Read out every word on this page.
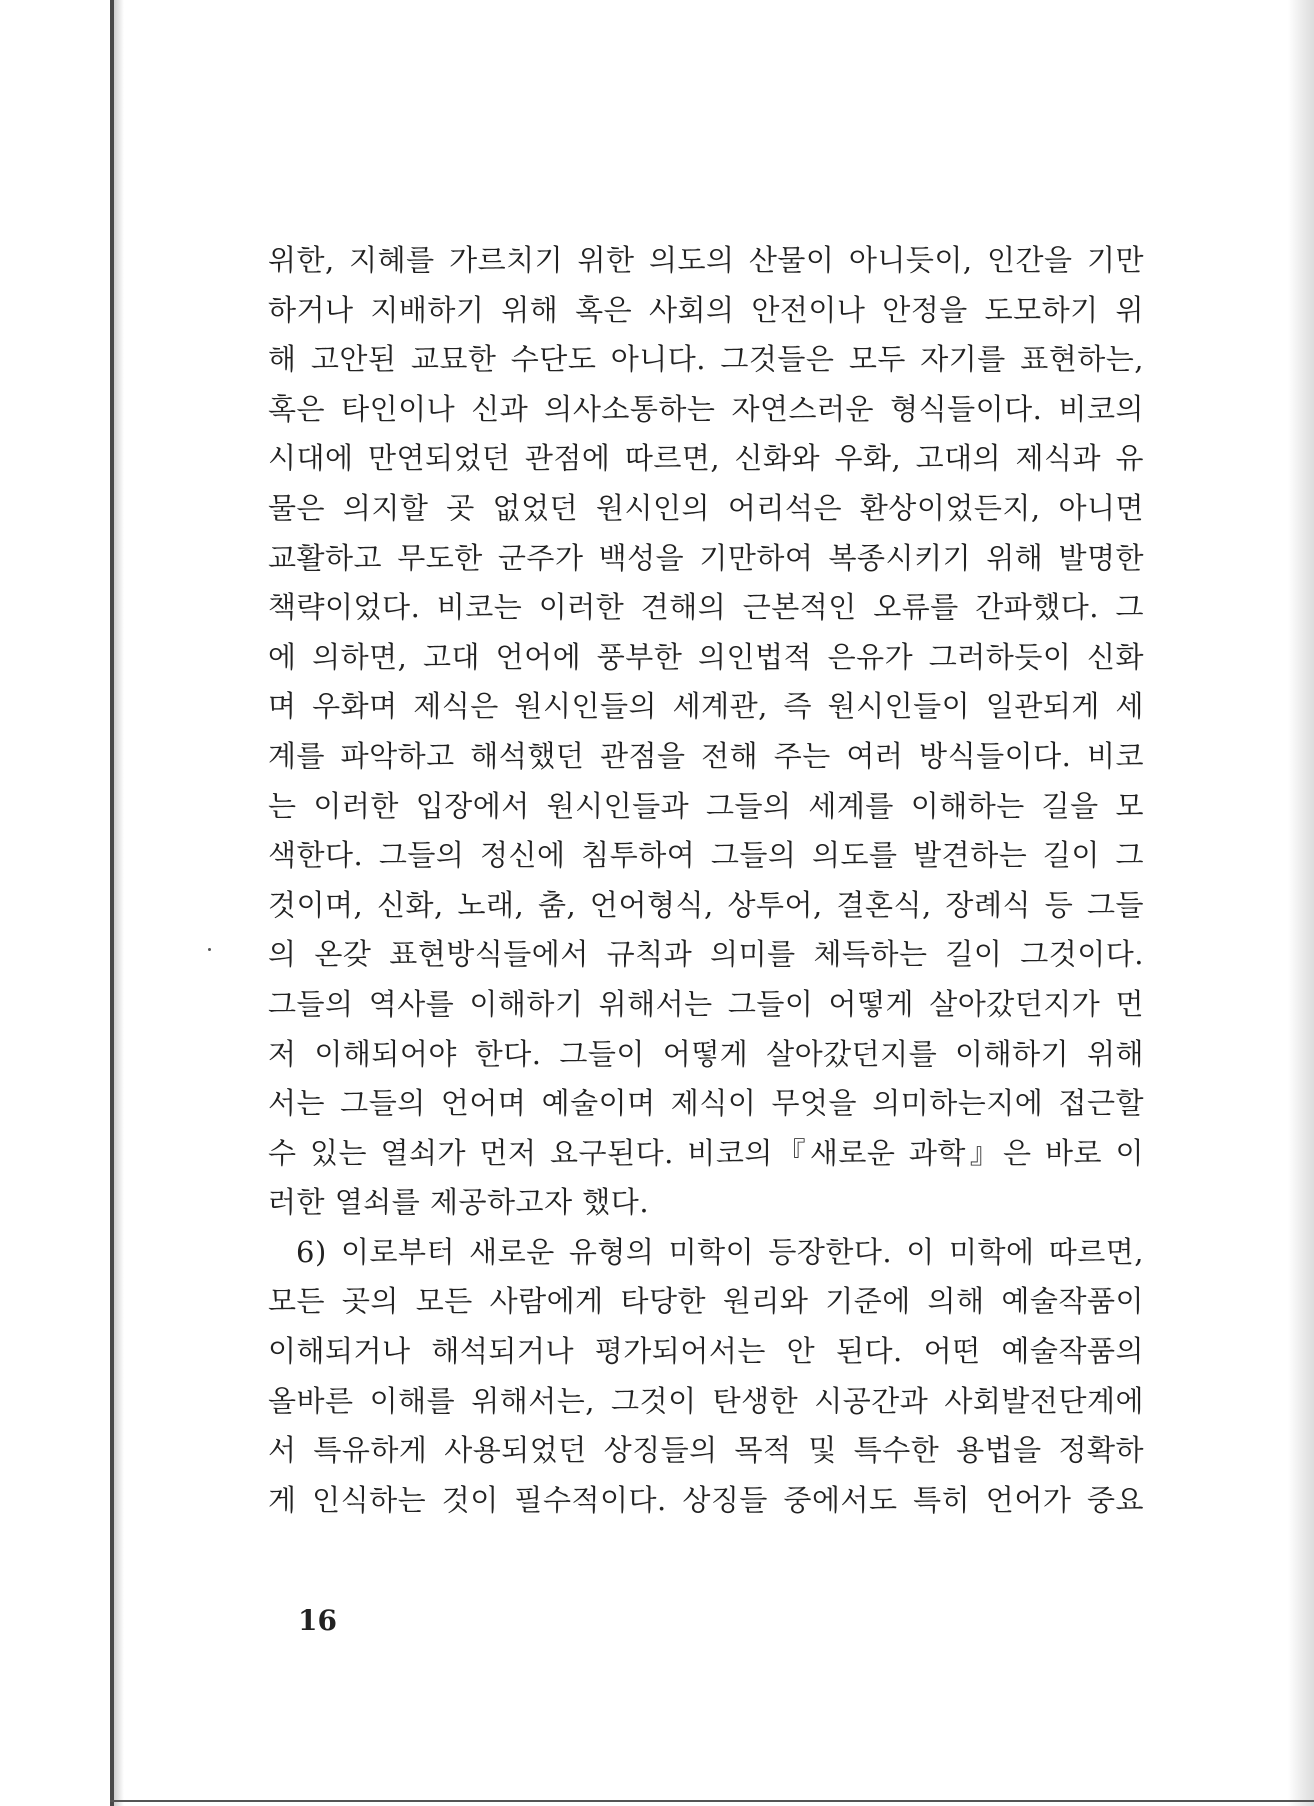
위한, 지혜를 가르치기 위한 의도의 산물이 아니듯이, 인간을 기만
하거나 지배하기 위해 혹은 사회의 안전이나 안정을 도모하기 위
해 고안된 교묘한 수단도 아니다. 그것들은 모두 자기를 표현하는,
혹은 타인이나 신과 의사소통하는 자연스러운 형식들이다. 비코의
시대에 만연되었던 관점에 따르면, 신화와 우화, 고대의 제식과 유
물은 의지할 곳 없었던 원시인의 어리석은 환상이었든지, 아니면
교활하고 무도한 군주가 백성을 기만하여 복종시키기 위해 발명한
책략이었다. 비코는 이러한 견해의 근본적인 오류를 간파했다. 그
에 의하면, 고대 언어에 풍부한 의인법적 은유가 그러하듯이 신화
며 우화며 제식은 원시인들의 세계관, 즉 원시인들이 일관되게 세
계를 파악하고 해석했던 관점을 전해 주는 여러 방식들이다. 비코
는 이러한 입장에서 원시인들과 그들의 세계를 이해하는 길을 모
색한다. 그들의 정신에 침투하여 그들의 의도를 발견하는 길이 그
것이며, 신화, 노래, 춤, 언어형식, 상투어, 결혼식, 장례식 등 그들
의 온갖 표현방식들에서 규칙과 의미를 체득하는 길이 그것이다.
그들의 역사를 이해하기 위해서는 그들이 어떻게 살아갔던지가 먼
저 이해되어야 한다. 그들이 어떻게 살아갔던지를 이해하기 위해
서는 그들의 언어며 예술이며 제식이 무엇을 의미하는지에 접근할
수 있는 열쇠가 먼저 요구된다. 비코의『새로운 과학』은 바로 이
러한 열쇠를 제공하고자 했다.
6) 이로부터 새로운 유형의 미학이 등장한다. 이 미학에 따르면,
모든 곳의 모든 사람에게 타당한 원리와 기준에 의해 예술작품이
이해되거나 해석되거나 평가되어서는 안 된다. 어떤 예술작품의
올바른 이해를 위해서는, 그것이 탄생한 시공간과 사회발전단계에
서 특유하게 사용되었던 상징들의 목적 및 특수한 용법을 정확하
게 인식하는 것이 필수적이다. 상징들 중에서도 특히 언어가 중요
16
